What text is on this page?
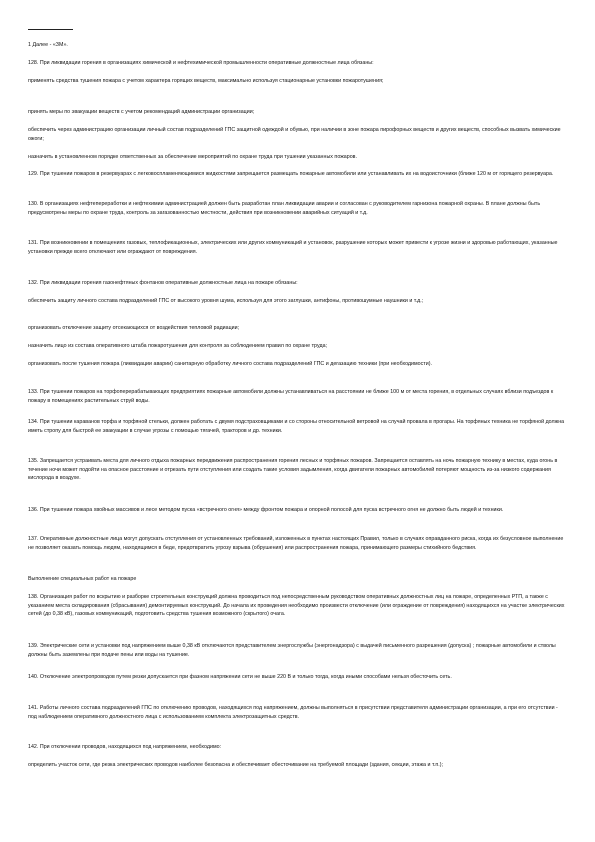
1 Далее - «ЗМ».

128. При ликвидации горения в организациях химической и нефтехимической промышленности оперативные должностные лица обязаны:

применять средства тушения пожара с учетом характера горящих веществ, максимально используя стационарные установки пожаротушения;

принять меры по эвакуации веществ с учетом рекомендаций администрации организации;

обеспечить через администрацию организации личный состав подразделений ГПС защитной одеждой и обувью, при наличии в зоне пожара пирофорных веществ и других веществ, способных вызвать химические ожоги;

назначить в установленном порядке ответственных за обеспечение мероприятий по охране труда при тушении указанных пожаров.

129. При тушении пожаров в резервуарах с легковоспламеняющимися жидкостями запрещается размещать пожарные автомобили или устанавливать их на водоисточники (ближе 120 м от горящего резервуара.

130. В организациях нефтепереработки и нефтехимии администрацией должен быть разработан план ликвидации аварии и согласован с руководителем гарнизона пожарной охраны. В плане должны быть предусмотрены меры по охране труда, контроль за загазованностью местности, действия при возникновении аварийных ситуаций и т.д.

131. При возникновении в помещениях газовых, теплофикационных, электрических или других коммуникаций и установок, разрушение которых может привести к угрозе жизни и здоровью работающих, указанные установки прежде всего отключают или ограждают от повреждения.

132. При ликвидации горения газонефтяных фонтанов оперативные должностные лица на пожаре обязаны:

обеспечить защиту личного состава подразделений ГПС от высокого уровня шума, используя для этого заглушки, антифоны, противошумные наушники и т.д.;

организовать отключение защиту отсекающихся от воздействия тепловой радиации;

назначить лицо из состава оперативного штаба пожаротушения для контроля за соблюдением правил по охране труда;

организовать после тушения пожара (ликвидации аварии) санитарную обработку личного состава подразделений ГПС и дегазацию техники (при необходимости).

133. При тушении пожаров на торфоперерабатывающих предприятиях пожарные автомобили должны устанавливаться на расстоянии не ближе 100 м от места горения, в отдельных случаях вблизи подъездов к пожару в помещениях растительных струй воды.

134. При тушении караванов торфа и торфяной стельки, должен работать с двумя подстраховщиками и со стороны относительной ветровой на случай провала в прогары. На торфяных техника не торфяной должна иметь стропу для быстрой ее эвакуации в случае угрозы с помощью тягачей, тракторов и др. техники.

135. Запрещается устраивать места для личного отдыха пожарных передвижения распространения горения лесных и торфяных пожаров. Запрещается оставлять на ночь пожарную технику в местах, куда огонь в течение ночи может подойти на опасное расстояние и отрезать пути отступления или создать такие условия задымления, когда двигатели пожарных автомобилей потеряют мощность из-за низкого содержания кислорода в воздухе.

136. При тушении пожара хвойных массивов и лесе методом пуска «встречного огня» между фронтом пожара и опорной полосой для пуска встречного огня не должно быть людей и техники.

137. Оперативные должностные лица могут допускать отступления от установленных требований, изложенных в пунктах настоящих Правил, только в случаях оправданного риска, когда их безусловное выполнение не позволяет оказать помощь людям, находящимся в беде, предотвратить угрозу взрыва (обрушения) или распространения пожара, принимающего размеры стихийного бедствия.

Выполнение специальных работ на пожаре

138. Организация работ по вскрытию и разборке строительных конструкций должна проводиться под непосредственным руководством оперативных должностных лиц на пожаре, определенных РТП, а также с указанием места складирования (сбрасывания) демонтируемых конструкций. До начала их проведения необходимо произвести отключение (или ограждение от повреждения) находящихся на участке электрических сетей (до 0,38 кВ), газовых коммуникаций, подготовить средства тушения возможного (скрытого) очага.

139. Электрические сети и установки под напряжением выше 0,38 кВ отключаются представителем энергослужбы (энергонадзора) с выдачей письменного разрешения (допуска) ; пожарные автомобили и стволы должны быть заземлены при подаче пены или воды на тушение.

140. Отключение электропроводов путем резки допускается при фазном напряжении сети не выше 220 В и только тогда, когда иными способами нельзя обесточить сеть.

141. Работы личного состава подразделений ГПС по отключению проводов, находящихся под напряжением, должны выполняться в присутствии представителя администрации организации, а при его отсутствии - под наблюдением оперативного должностного лица с использованием комплекта электрозащитных средств.

142. При отключении проводов, находящихся под напряжением, необходимо:

определить участок сети, где резка электрических проводов наиболее безопасна и обеспечивает обесточивание на требуемой площади (здания, секции, этажа и т.п.);
